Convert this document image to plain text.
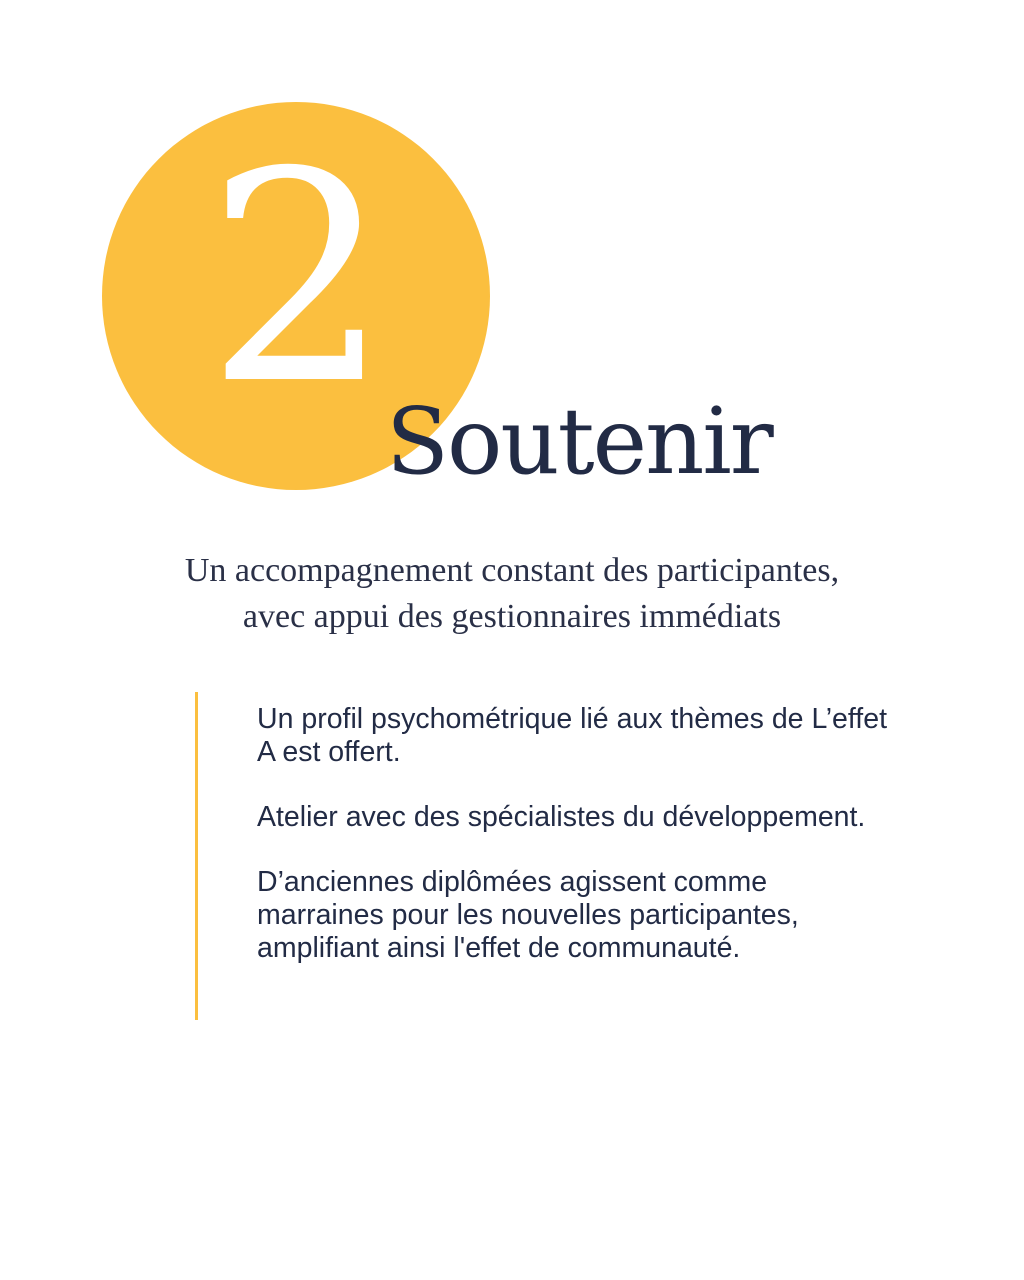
2
Soutenir
Un accompagnement constant des participantes,
avec appui des gestionnaires immédiats

Un profil psychométrique lié aux thèmes de L’effet A est offert.

Atelier avec des spécialistes du développement.

D’anciennes diplômées agissent comme marraines pour les nouvelles participantes, amplifiant ainsi l'effet de communauté.
